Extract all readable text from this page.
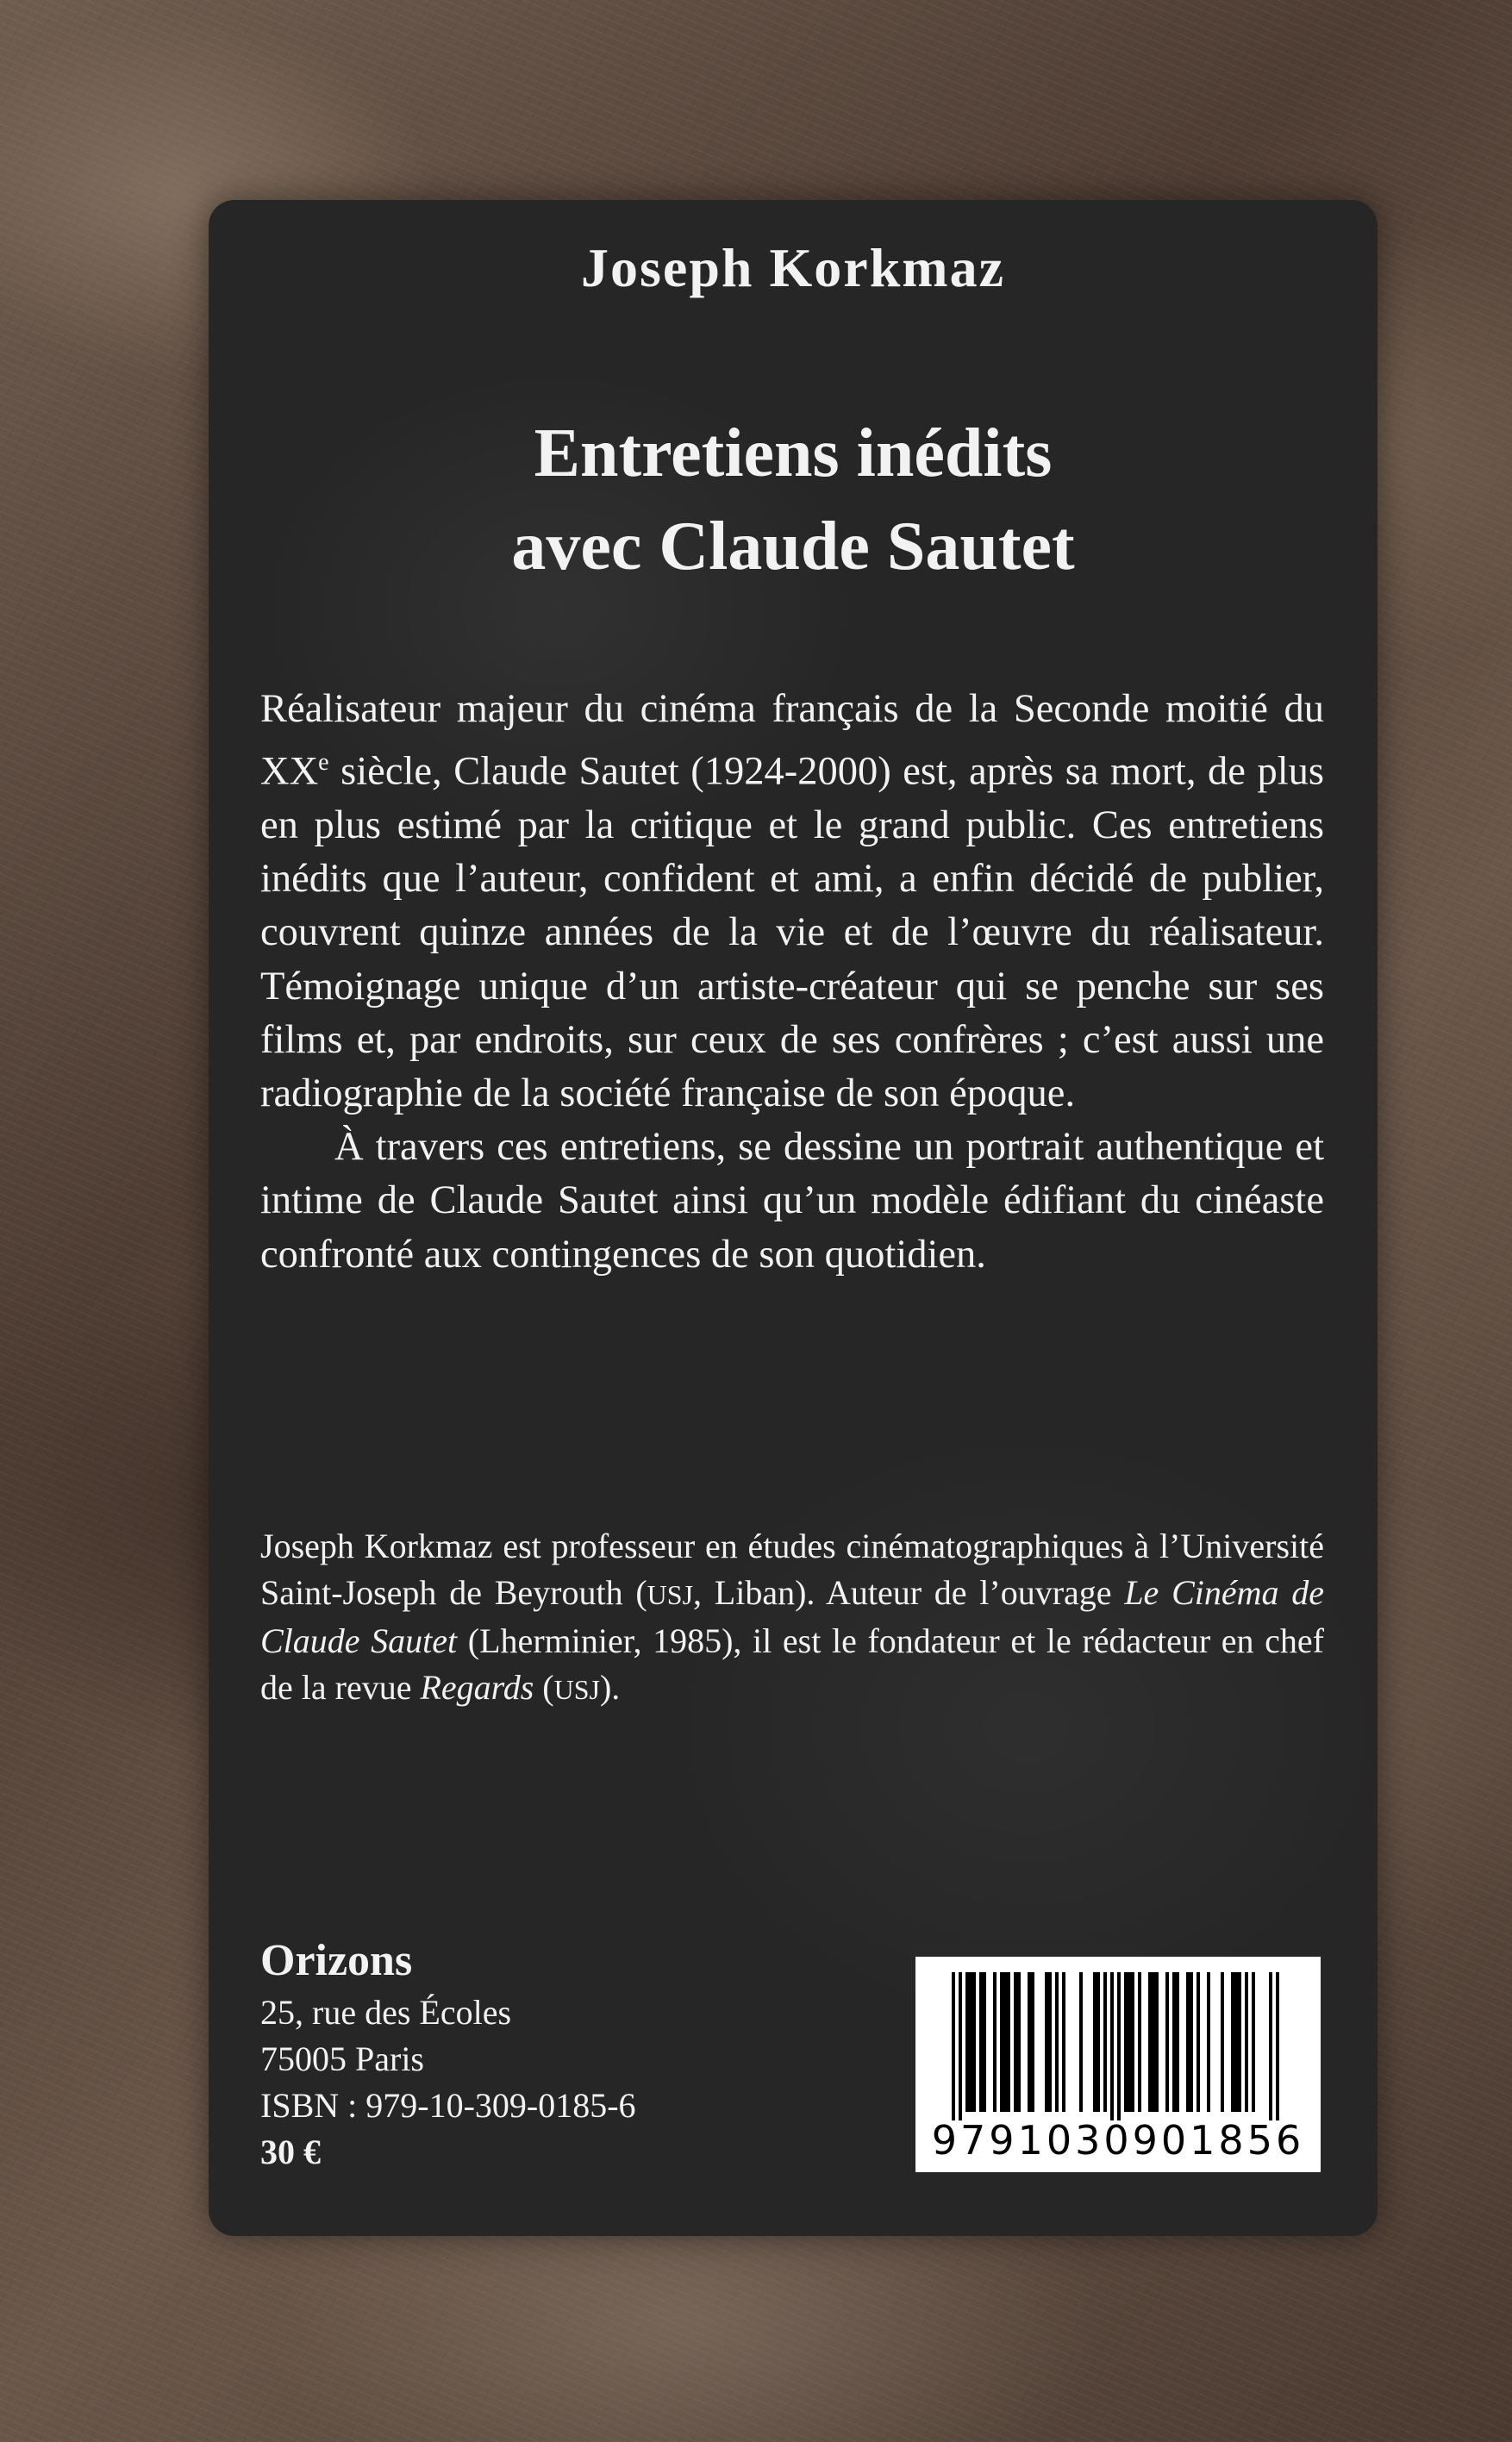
Joseph Korkmaz
Entretiens inédits
avec Claude Sautet

Réalisateur majeur du cinéma français de la Seconde moitié du XXe siècle, Claude Sautet (1924-2000) est, après sa mort, de plus en plus estimé par la critique et le grand public. Ces entretiens inédits que l’auteur, confident et ami, a enfin décidé de publier, couvrent quinze années de la vie et de l’œuvre du réalisateur. Témoignage unique d’un artiste-créateur qui se penche sur ses films et, par endroits, sur ceux de ses confrères ; c’est aussi une radiographie de la société française de son époque.

À travers ces entretiens, se dessine un portrait authentique et intime de Claude Sautet ainsi qu’un modèle édifiant du cinéaste confronté aux contingences de son quotidien.

Joseph Korkmaz est professeur en études cinématographiques à l’Université Saint-Joseph de Beyrouth (USJ, Liban). Auteur de l’ouvrage Le Cinéma de Claude Sautet (Lherminier, 1985), il est le fondateur et le rédacteur en chef de la revue Regards (USJ).

Orizons
25, rue des Écoles
75005 Paris
ISBN : 979-10-309-0185-6
30 €	9791030901856
